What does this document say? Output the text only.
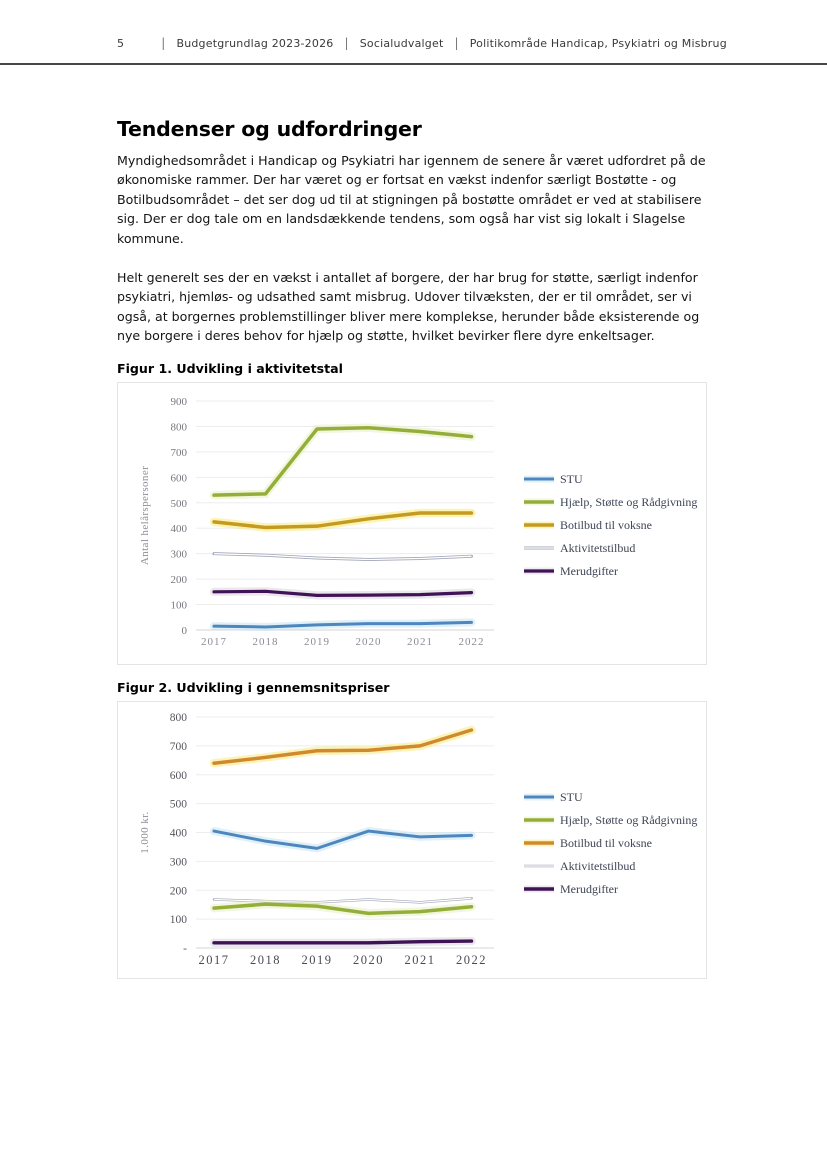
5	| Budgetgrundlag 2023-2026 | Socialudvalget | Politikområde Handicap, Psykiatri og Misbrug
Tendenser og udfordringer

Myndighedsområdet i Handicap og Psykiatri har igennem de senere år været udfordret på de økonomiske rammer. Der har været og er fortsat en vækst indenfor særligt Bostøtte - og Botilbudsområdet – det ser dog ud til at stigningen på bostøtte området er ved at stabilisere sig. Der er dog tale om en landsdækkende tendens, som også har vist sig lokalt i Slagelse kommune.

Helt generelt ses der en vækst i antallet af borgere, der har brug for støtte, særligt indenfor psykiatri, hjemløs- og udsathed samt misbrug. Udover tilvæksten, der er til området, ser vi også, at borgernes problemstillinger bliver mere komplekse, herunder både eksisterende og nye borgere i deres behov for hjælp og støtte, hvilket bevirker flere dyre enkeltsager.

Figur 1. Udvikling i aktivitetstal
0
100
200
300
400
500
600
700
800
900
2017 2018 2019 2020 2021 2022
Antal helårspersoner	STU
Hjælp, Støtte og Rådgivning
Botilbud til voksne
Aktivitetstilbud
Merudgifter
Figur 2. Udvikling i gennemsnitspriser
-
100
200
300
400
500
600
700
800
2017 2018 2019 2020 2021 2022
1.000 kr.
STU
Hjælp, Støtte og Rådgivning
Botilbud til voksne
Aktivitetstilbud
Merudgifter
